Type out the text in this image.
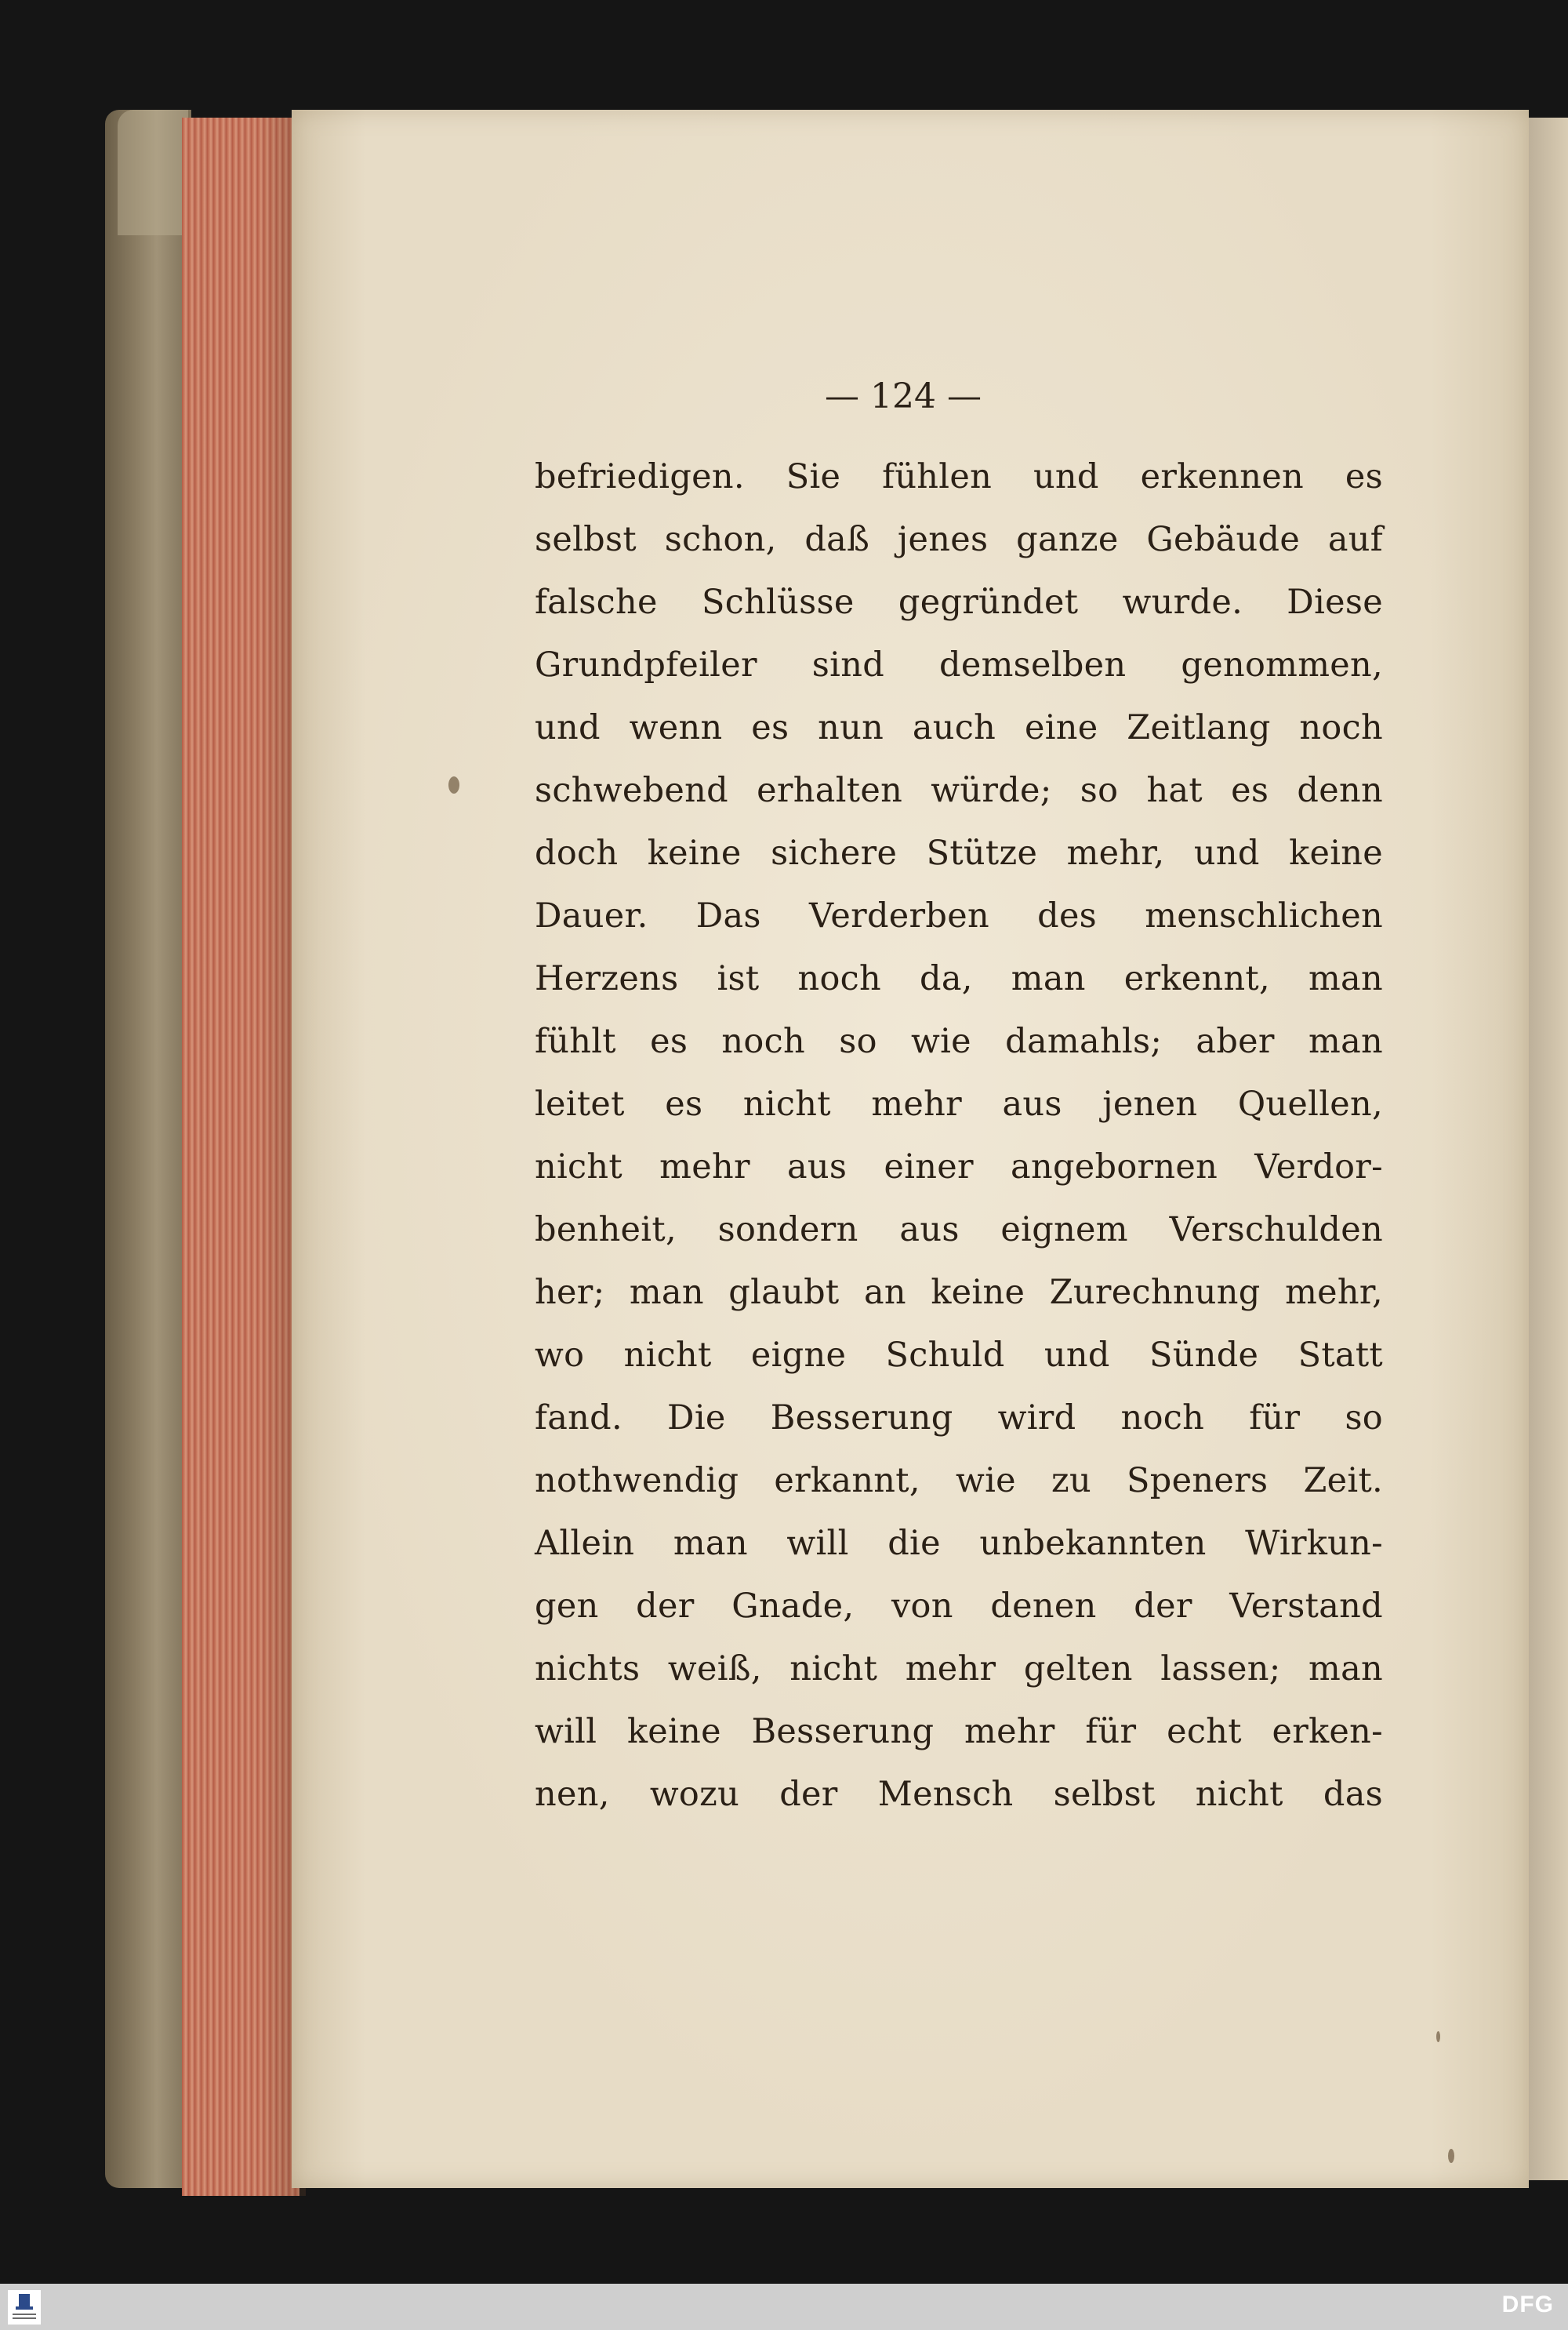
— 124 —
befriedigen. Sie fühlen und erkennen es
selbst schon, daß jenes ganze Gebäude auf
falsche Schlüsse gegründet wurde. Diese
Grundpfeiler sind demselben genommen,
und wenn es nun auch eine Zeitlang noch
schwebend erhalten würde; so hat es denn
doch keine sichere Stütze mehr, und keine
Dauer. Das Verderben des menschlichen
Herzens ist noch da, man erkennt, man
fühlt es noch so wie damahls; aber man
leitet es nicht mehr aus jenen Quellen,
nicht mehr aus einer angebornen Verdor-
benheit, sondern aus eignem Verschulden
her; man glaubt an keine Zurechnung mehr,
wo nicht eigne Schuld und Sünde Statt
fand. Die Besserung wird noch für so
nothwendig erkannt, wie zu Speners Zeit.
Allein man will die unbekannten Wirkun-
gen der Gnade, von denen der Verstand
nichts weiß, nicht mehr gelten lassen; man
will keine Besserung mehr für echt erken-
nen, wozu der Mensch selbst nicht das
DFG
